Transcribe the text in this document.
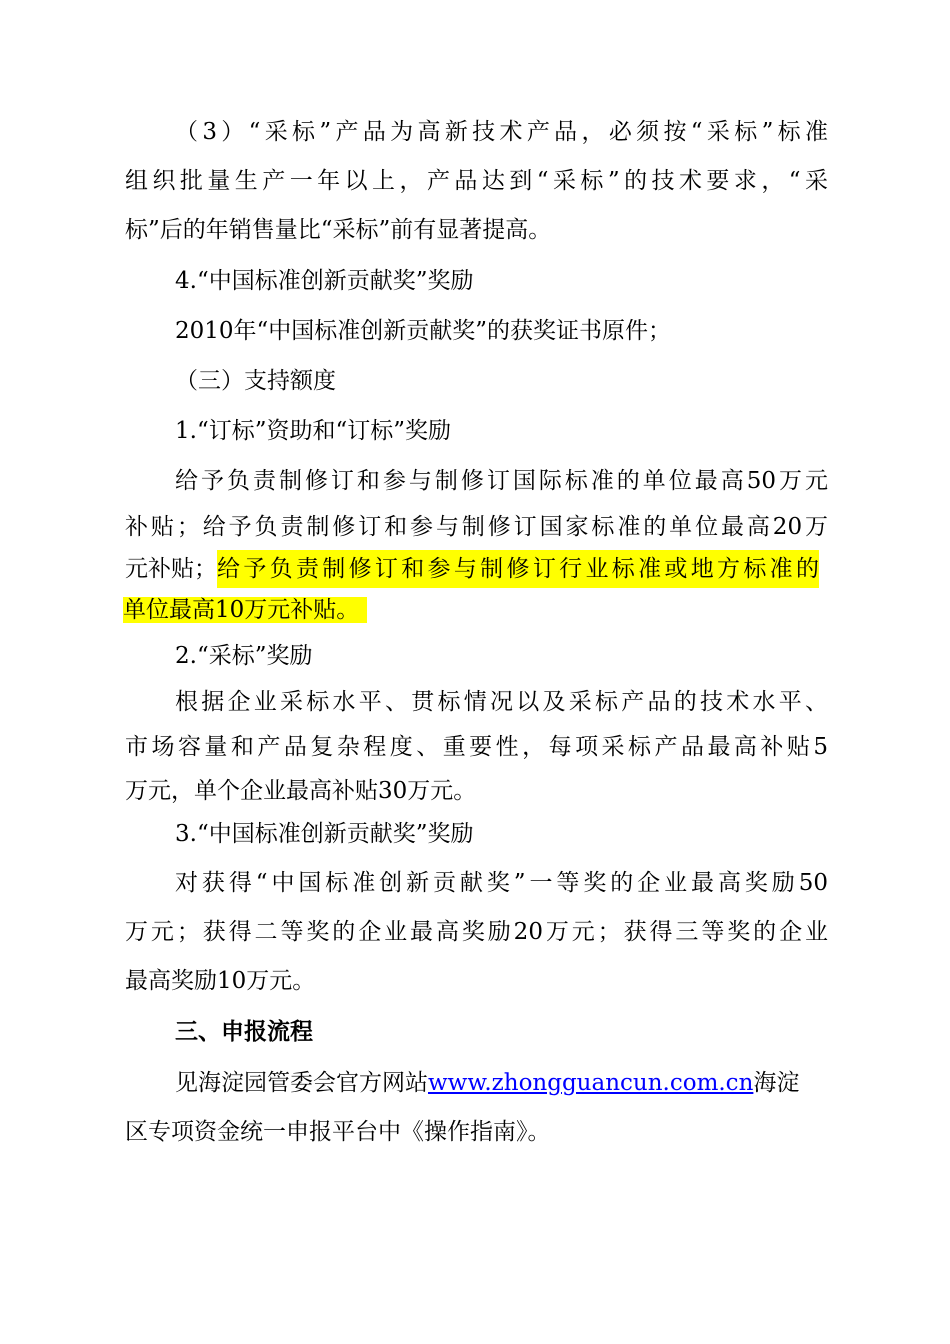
（3）“采标”产品为高新技术产品，必须按“采标”标准
组织批量生产一年以上，产品达到“采标”的技术要求，“采
标”后的年销售量比“采标”前有显著提高。
4.“中国标准创新贡献奖”奖励
2010年“中国标准创新贡献奖”的获奖证书原件；
（三）支持额度
1.“订标”资助和“订标”奖励
给予负责制修订和参与制修订国际标准的单位最高50万元
补贴；给予负责制修订和参与制修订国家标准的单位最高20万
元补贴；给予负责制修订和参与制修订行业标准或地方标准的
单位最高10万元补贴。
2.“采标”奖励
根据企业采标水平、贯标情况以及采标产品的技术水平、
市场容量和产品复杂程度、重要性，每项采标产品最高补贴5
万元，单个企业最高补贴30万元。
3.“中国标准创新贡献奖”奖励
对获得“中国标准创新贡献奖”一等奖的企业最高奖励50
万元；获得二等奖的企业最高奖励20万元；获得三等奖的企业
最高奖励10万元。
三、申报流程
见海淀园管委会官方网站www.zhongguancun.com.cn海淀
区专项资金统一申报平台中《操作指南》。
